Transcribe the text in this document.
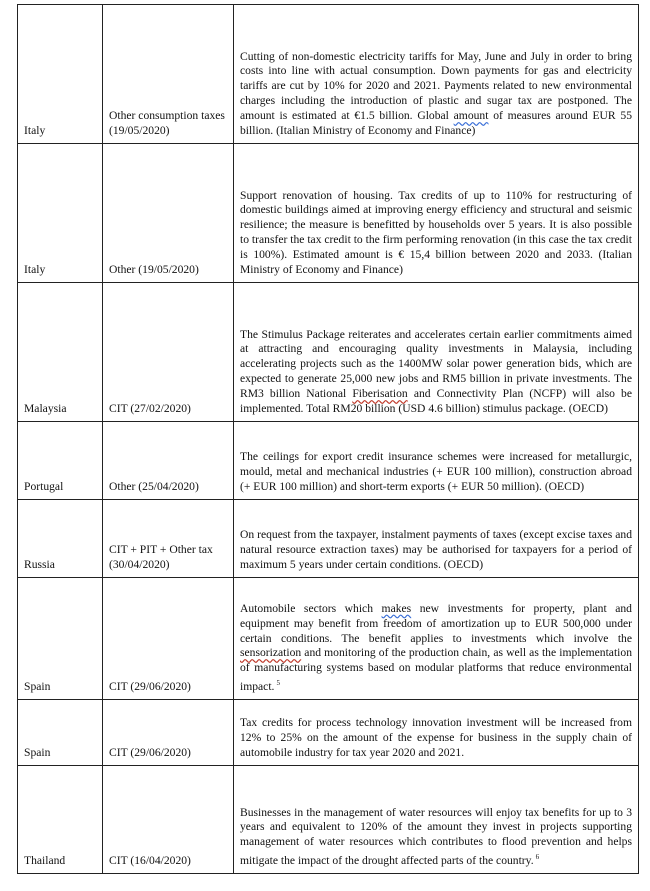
Italy	Other consumption taxes (19/05/2020)	Cutting of non-domestic electricity tariffs for May, June and July in order to bring costs into line with actual consumption. Down payments for gas and electricity tariffs are cut by 10% for 2020 and 2021. Payments related to new environmental charges including the introduction of plastic and sugar tax are postponed. The amount is estimated at €1.5 billion. Global amount of measures around EUR 55 billion. (Italian Ministry of Economy and Finance)
Italy	Other (19/05/2020)	Support renovation of housing. Tax credits of up to 110% for restructuring of domestic buildings aimed at improving energy efficiency and structural and seismic resilience; the measure is benefitted by households over 5 years. It is also possible to transfer the tax credit to the firm performing renovation (in this case the tax credit is 100%). Estimated amount is € 15,4 billion between 2020 and 2033. (Italian Ministry of Economy and Finance)
Malaysia	CIT (27/02/2020)	The Stimulus Package reiterates and accelerates certain earlier commitments aimed at attracting and encouraging quality investments in Malaysia, including accelerating projects such as the 1400MW solar power generation bids, which are expected to generate 25,000 new jobs and RM5 billion in private investments. The RM3 billion National Fiberisation and Connectivity Plan (NCFP) will also be implemented. Total RM20 billion (USD 4.6 billion) stimulus package. (OECD)
Portugal	Other (25/04/2020)	The ceilings for export credit insurance schemes were increased for metallurgic, mould, metal and mechanical industries (+ EUR 100 million), construction abroad (+ EUR 100 million) and short-term exports (+ EUR 50 million). (OECD)
Russia	CIT + PIT + Other tax (30/04/2020)	On request from the taxpayer, instalment payments of taxes (except excise taxes and natural resource extraction taxes) may be authorised for taxpayers for a period of maximum 5 years under certain conditions. (OECD)
Spain	CIT (29/06/2020)	Automobile sectors which makes new investments for property, plant and equipment may benefit from freedom of amortization up to EUR 500,000 under certain conditions. The benefit applies to investments which involve the sensorization and monitoring of the production chain, as well as the implementation of manufacturing systems based on modular platforms that reduce environmental impact. $^5$
Spain	CIT (29/06/2020)	Tax credits for process technology innovation investment will be increased from 12% to 25% on the amount of the expense for business in the supply chain of automobile industry for tax year 2020 and 2021.
Thailand	CIT (16/04/2020)	Businesses in the management of water resources will enjoy tax benefits for up to 3 years and equivalent to 120% of the amount they invest in projects supporting management of water resources which contributes to flood prevention and helps mitigate the impact of the drought affected parts of the country. $^6$
